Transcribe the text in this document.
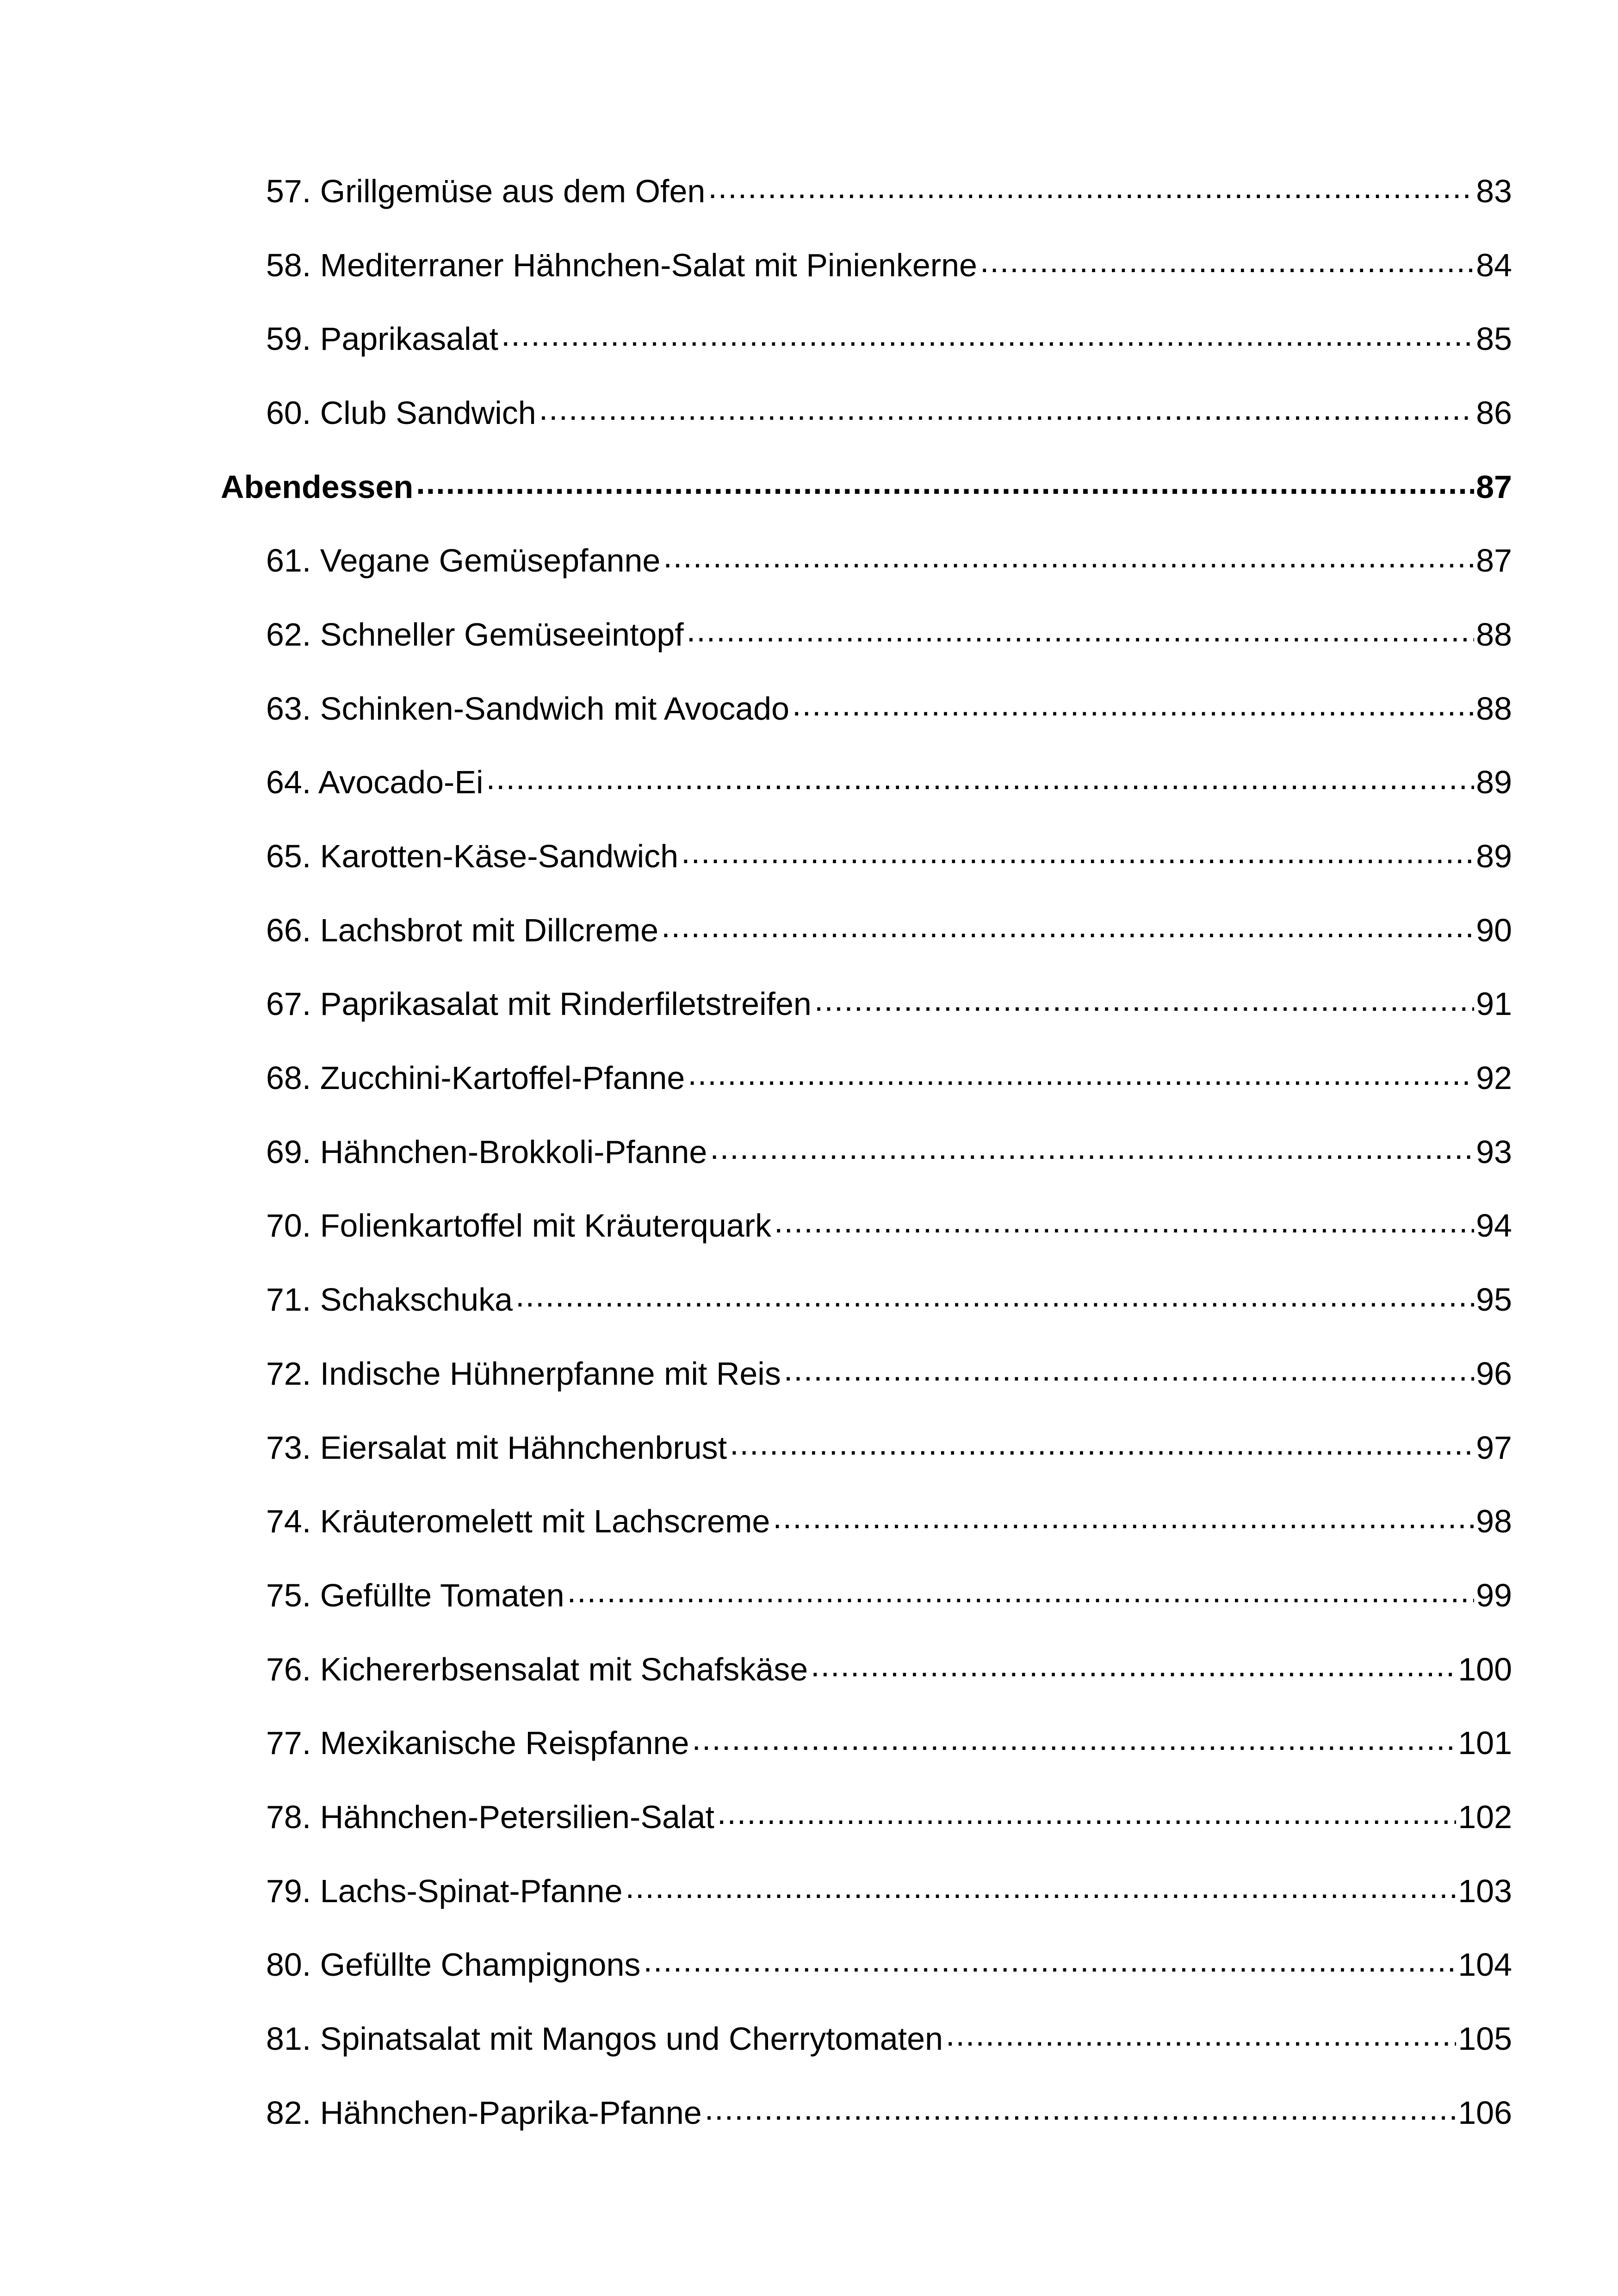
57. Grillgemüse aus dem Ofen .....	83
58. Mediterraner Hähnchen-Salat mit Pinienkerne .....	84
59. Paprikasalat .....	85
60. Club Sandwich .....	86
Abendessen .....	87
61. Vegane Gemüsepfanne .....	87
62. Schneller Gemüseeintopf .....	88
63. Schinken-Sandwich mit Avocado .....	88
64. Avocado-Ei .....	89
65. Karotten-Käse-Sandwich .....	89
66. Lachsbrot mit Dillcreme .....	90
67. Paprikasalat mit Rinderfiletstreifen .....	91
68. Zucchini-Kartoffel-Pfanne .....	92
69. Hähnchen-Brokkoli-Pfanne .....	93
70. Folienkartoffel mit Kräuterquark .....	94
71. Schakschuka .....	95
72. Indische Hühnerpfanne mit Reis .....	96
73. Eiersalat mit Hähnchenbrust .....	97
74. Kräuteromelett mit Lachscreme .....	98
75. Gefüllte Tomaten .....	99
76. Kichererbsensalat mit Schafskäse .....	100
77. Mexikanische Reispfanne .....	101
78. Hähnchen-Petersilien-Salat .....	102
79. Lachs-Spinat-Pfanne .....	103
80. Gefüllte Champignons .....	104
81. Spinatsalat mit Mangos und Cherrytomaten .....	105
82. Hähnchen-Paprika-Pfanne .....	106
